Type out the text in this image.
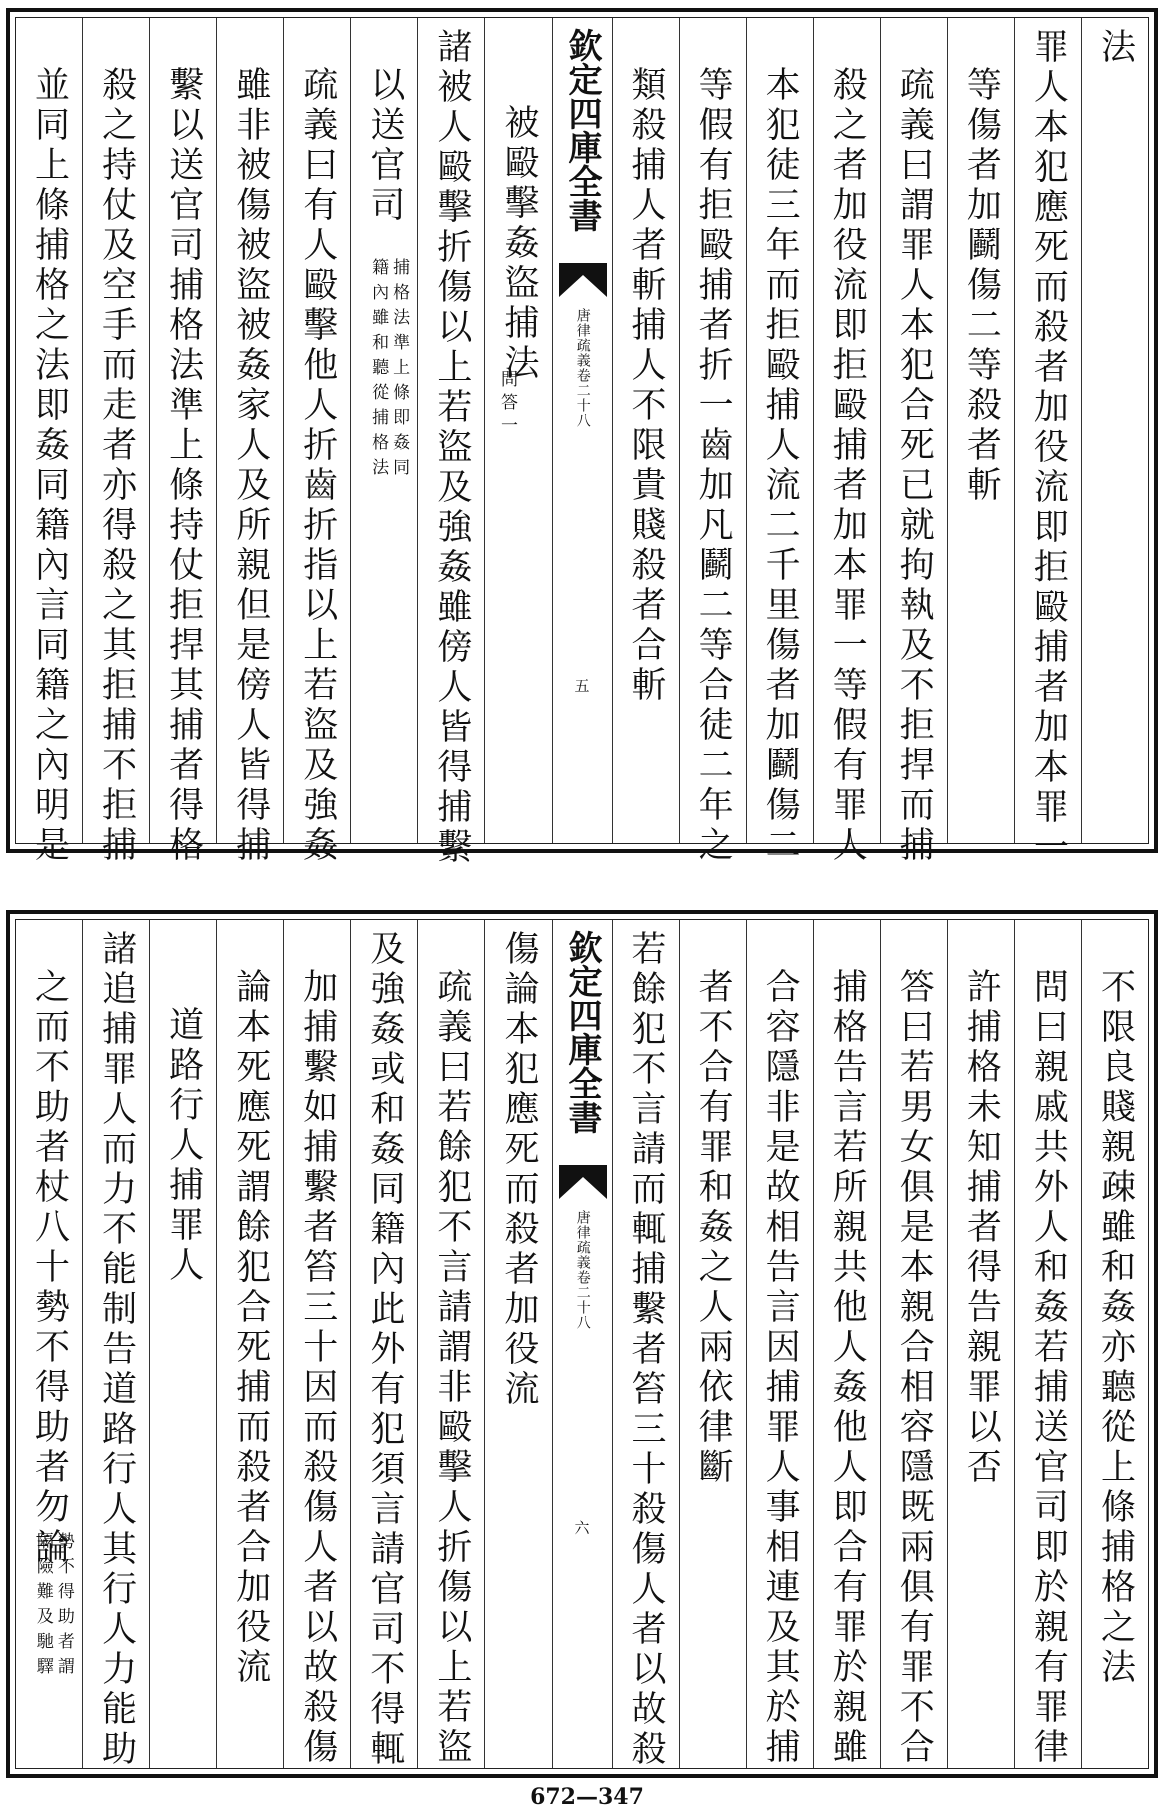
法
罪人本犯應死而殺者加役流即拒毆捕者加本罪一
等傷者加鬬傷二等殺者斬
疏義曰謂罪人本犯合死已就拘執及不拒捍而捕
殺之者加役流即拒毆捕者加本罪一等假有罪人
本犯徒三年而拒毆捕人流二千里傷者加鬬傷二
等假有拒毆捕者折一齒加凡鬬二等合徒二年之
類殺捕人者斬捕人不限貴賤殺者合斬
欽定四庫全書
唐律疏義卷二十八
五
被毆擊姦盜捕法
問答一
諸被人毆擊折傷以上若盜及強姦雖傍人皆得捕繫
以送官司
捕格法準上條即姦同
籍內雖和聽從捕格法
疏義曰有人毆擊他人折齒折指以上若盜及強姦
雖非被傷被盜被姦家人及所親但是傍人皆得捕
繫以送官司捕格法準上條持仗拒捍其捕者得格
殺之持仗及空手而走者亦得殺之其拒捕不拒捕
並同上條捕格之法即姦同籍內言同籍之內明是
不限良賤親疎雖和姦亦聽從上條捕格之法
問曰親戚共外人和姦若捕送官司即於親有罪律
許捕格未知捕者得告親罪以否
答曰若男女俱是本親合相容隱既兩俱有罪不合
捕格告言若所親共他人姦他人即合有罪於親雖
合容隱非是故相告言因捕罪人事相連及其於捕
者不合有罪和姦之人兩依律斷
若餘犯不言請而輒捕繫者笞三十殺傷人者以故殺
欽定四庫全書
唐律疏義卷二十八
六
傷論本犯應死而殺者加役流
疏義曰若餘犯不言請謂非毆擊人折傷以上若盜
及強姦或和姦同籍內此外有犯須言請官司不得輒
加捕繫如捕繫者笞三十因而殺傷人者以故殺傷
論本死應死謂餘犯合死捕而殺者合加役流
道路行人捕罪人
諸追捕罪人而力不能制告道路行人其行人力能助
之而不助者杖八十勢不得助者勿論
勢不得助者謂
隔險難及馳驛
672—347
